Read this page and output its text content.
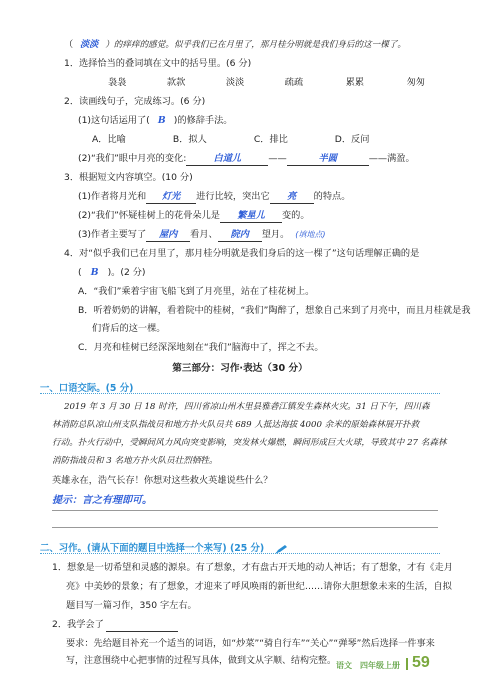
（ 淡淡 ）的痒痒的感觉。似乎我们已在月里了，那月桂分明就是我们身后的这一棵了。
1．选择恰当的叠词填在文中的括号里。(6 分)
袅袅	款款	淡淡	疏疏	累累	匆匆
2．读画线句子，完成练习。(6 分)
(1)这句话运用了( B )的修辞手法。
A．比喻	B．拟人	C．排比	D．反问
(2)“我们”眼中月亮的变化:	白道儿	——	半圆	——满盈。
3．根据短文内容填空。(10 分)
(1)作者将月光和 灯光 进行比较，突出它 亮 的特点。
(2)“我们”怀疑桂树上的花骨朵儿是 繁星儿 变的。
(3)作者主要写了 屋内 看月、 院内 望月。 (填地点)
4．对“似乎我们已在月里了，那月桂分明就是我们身后的这一棵了”这句话理解正确的是
( B )。(2 分)
A．“我们”乘着宇宙飞船飞到了月亮里，站在了桂花树上。
B．听着奶奶的讲解，看着院中的桂树，“我们”陶醉了，想象自己来到了月亮中，而且月桂就是我
们背后的这一棵。
C．月亮和桂树已经深深地刻在“我们”脑海中了，挥之不去。
第三部分：习作·表达（30 分）
一、口语交际。(5 分)
2019 年 3 月 30 日 18 时许，四川省凉山州木里县雅砻江镇发生森林火灾。31 日下午，四川森
林消防总队凉山州支队指战员和地方扑火队员共 689 人抵达海拔 4000 余米的原始森林展开扑救
行动。扑火行动中，受瞬间风力风向突变影响，突发林火爆燃，瞬间形成巨大火球，导致其中 27 名森林
消防指战员和 3 名地方扑火队员壮烈牺牲。
英雄永在，浩气长存！你想对这些救火英雄说些什么？
提示：言之有理即可。
二、习作。(请从下面的题目中选择一个来写) (25 分)
1．想象是一切希望和灵感的源泉。有了想象，才有盘古开天地的动人神话；有了想象，才有《走月
亮》中美妙的景象；有了想象，才迎来了呼风唤雨的新世纪……请你大胆想象未来的生活，自拟
题目写一篇习作，350 字左右。
2．我学会了
要求：先给题目补充一个适当的词语，如“炒菜”“骑自行车”“关心”“弹琴”然后选择一件事来
写，注意围绕中心把事情的过程写具体，做到文从字顺、结构完整。 语文　四年级上册 59
